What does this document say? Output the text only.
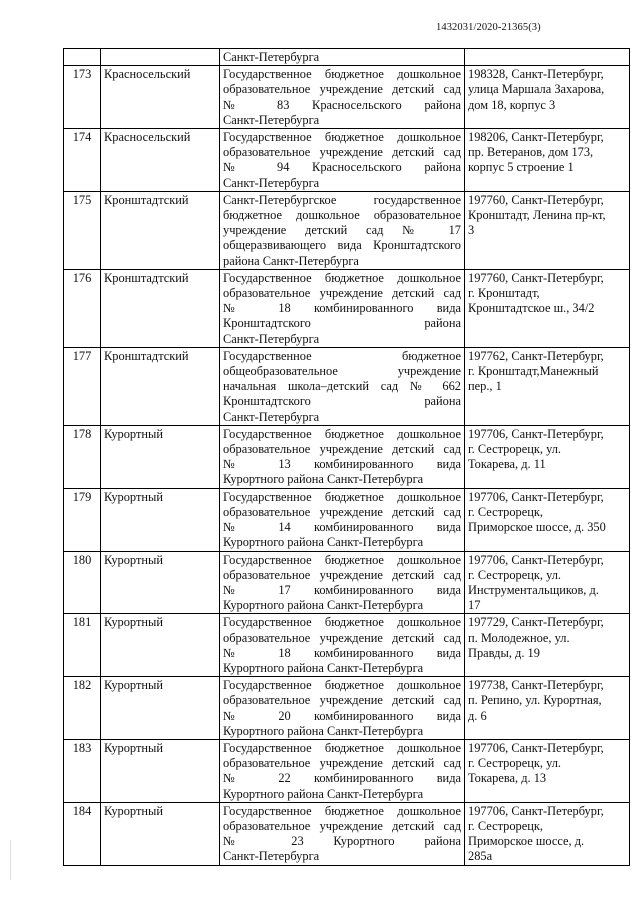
1432031/2020-21365(3)

		Санкт-Петербурга	

173	Красносельский	Государственное бюджетное дошкольное
образовательное учреждение детский сад
№ 83 Красносельского района
Санкт-Петербурга	198328, Санкт-Петербург,
улица Маршала Захарова,
дом 18, корпус 3

174	Красносельский	Государственное бюджетное дошкольное
образовательное учреждение детский сад
№ 94 Красносельского района
Санкт-Петербурга	198206, Санкт-Петербург,
пр. Ветеранов, дом 173,
корпус 5 строение 1

175	Кронштадтский	Санкт-Петербургское государственное
бюджетное дошкольное образовательное
учреждение детский сад № 17
общеразвивающего вида Кронштадтского
района Санкт-Петербурга	197760, Санкт-Петербург,
Кронштадт, Ленина пр-кт,
3

176	Кронштадтский	Государственное бюджетное дошкольное
образовательное учреждение детский сад
№ 18 комбинированного вида
Кронштадтского района
Санкт-Петербурга	197760, Санкт-Петербург,
г. Кронштадт,
Кронштадтское ш., 34/2

177	Кронштадтский	Государственное бюджетное
общеобразовательное учреждение
начальная школа–детский сад № 662
Кронштадтского района
Санкт-Петербурга	197762, Санкт-Петербург,
г. Кронштадт,Манежный
пер., 1

178	Курортный	Государственное бюджетное дошкольное
образовательное учреждение детский сад
№ 13 комбинированного вида
Курортного района Санкт-Петербурга	197706, Санкт-Петербург,
г. Сестрорецк, ул.
Токарева, д. 11

179	Курортный	Государственное бюджетное дошкольное
образовательное учреждение детский сад
№ 14 комбинированного вида
Курортного района Санкт-Петербурга	197706, Санкт-Петербург,
г. Сестрорецк,
Приморское шоссе, д. 350

180	Курортный	Государственное бюджетное дошкольное
образовательное учреждение детский сад
№ 17 комбинированного вида
Курортного района Санкт-Петербурга	197706, Санкт-Петербург,
г. Сестрорецк, ул.
Инструментальщиков, д.
17

181	Курортный	Государственное бюджетное дошкольное
образовательное учреждение детский сад
№ 18 комбинированного вида
Курортного района Санкт-Петербурга	197729, Санкт-Петербург,
п. Молодежное, ул.
Правды, д. 19

182	Курортный	Государственное бюджетное дошкольное
образовательное учреждение детский сад
№ 20 комбинированного вида
Курортного района Санкт-Петербурга	197738, Санкт-Петербург,
п. Репино, ул. Курортная,
д. 6

183	Курортный	Государственное бюджетное дошкольное
образовательное учреждение детский сад
№ 22 комбинированного вида
Курортного района Санкт-Петербурга	197706, Санкт-Петербург,
г. Сестрорецк, ул.
Токарева, д. 13

184	Курортный	Государственное бюджетное дошкольное
образовательное учреждение детский сад
№ 23 Курортного района
Санкт-Петербурга	197706, Санкт-Петербург,
г. Сестрорецк,
Приморское шоссе, д.
285а
